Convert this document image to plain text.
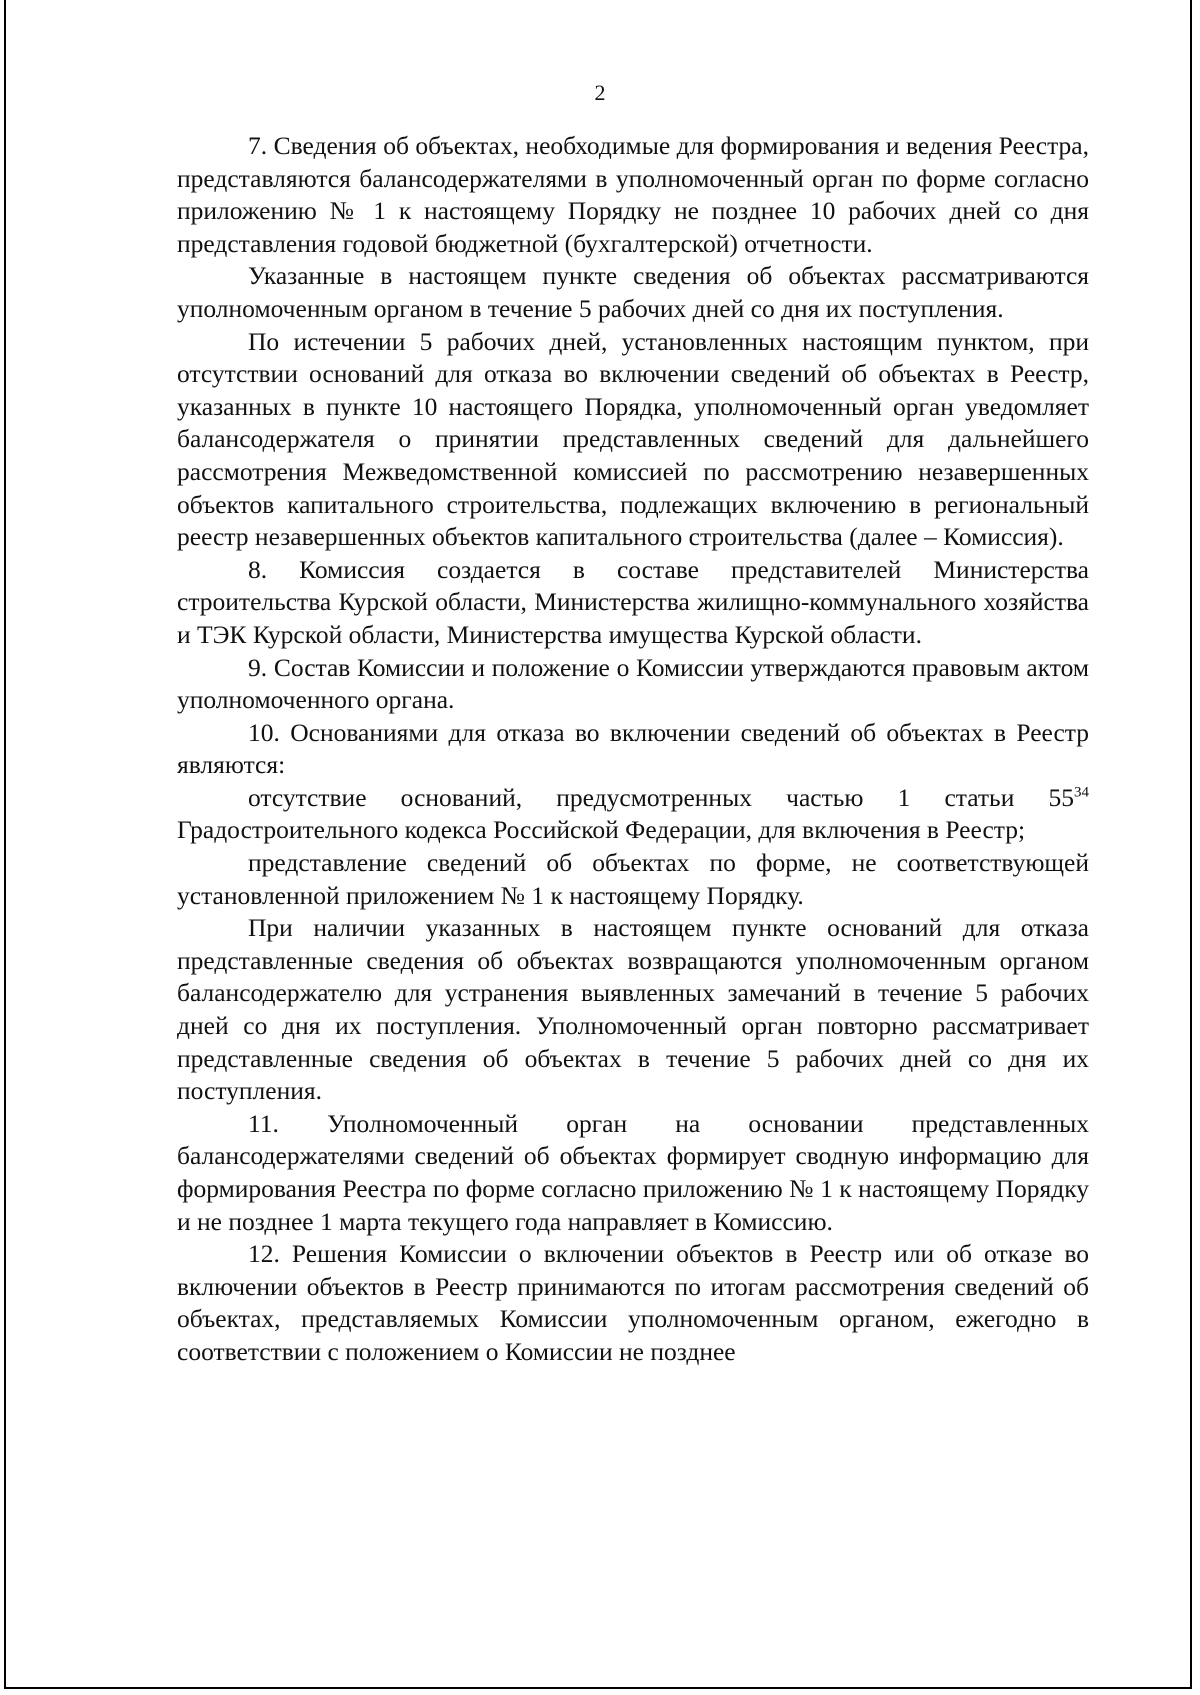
2

7. Сведения об объектах, необходимые для формирования и ведения Реестра, представляются балансодержателями в уполномоченный орган по форме согласно приложению № 1 к настоящему Порядку не позднее 10 рабочих дней со дня представления годовой бюджетной (бухгалтерской) отчетности.

Указанные в настоящем пункте сведения об объектах рассматриваются уполномоченным органом в течение 5 рабочих дней со дня их поступления.

По истечении 5 рабочих дней, установленных настоящим пунктом, при отсутствии оснований для отказа во включении сведений об объектах в Реестр, указанных в пункте 10 настоящего Порядка, уполномоченный орган уведомляет балансодержателя о принятии представленных сведений для дальнейшего рассмотрения Межведомственной комиссией по рассмотрению незавершенных объектов капитального строительства, подлежащих включению в региональный реестр незавершенных объектов капитального строительства (далее – Комиссия).

8. Комиссия создается в составе представителей Министерства строительства Курской области, Министерства жилищно-коммунального хозяйства и ТЭК Курской области, Министерства имущества Курской области.

9. Состав Комиссии и положение о Комиссии утверждаются правовым актом уполномоченного органа.

10. Основаниями для отказа во включении сведений об объектах в Реестр являются:

отсутствие оснований, предусмотренных частью 1 статьи $55^{34}$ Градостроительного кодекса Российской Федерации, для включения в Реестр;

представление сведений об объектах по форме, не соответствующей установленной приложением № 1 к настоящему Порядку.

При наличии указанных в настоящем пункте оснований для отказа представленные сведения об объектах возвращаются уполномоченным органом балансодержателю для устранения выявленных замечаний в течение 5 рабочих дней со дня их поступления. Уполномоченный орган повторно рассматривает представленные сведения об объектах в течение 5 рабочих дней со дня их поступления.

11. Уполномоченный орган на основании представленных балансодержателями сведений об объектах формирует сводную информацию для формирования Реестра по форме согласно приложению № 1 к настоящему Порядку и не позднее 1 марта текущего года направляет в Комиссию.

12. Решения Комиссии о включении объектов в Реестр или об отказе во включении объектов в Реестр принимаются по итогам рассмотрения сведений об объектах, представляемых Комиссии уполномоченным органом, ежегодно в соответствии с положением о Комиссии не позднее
